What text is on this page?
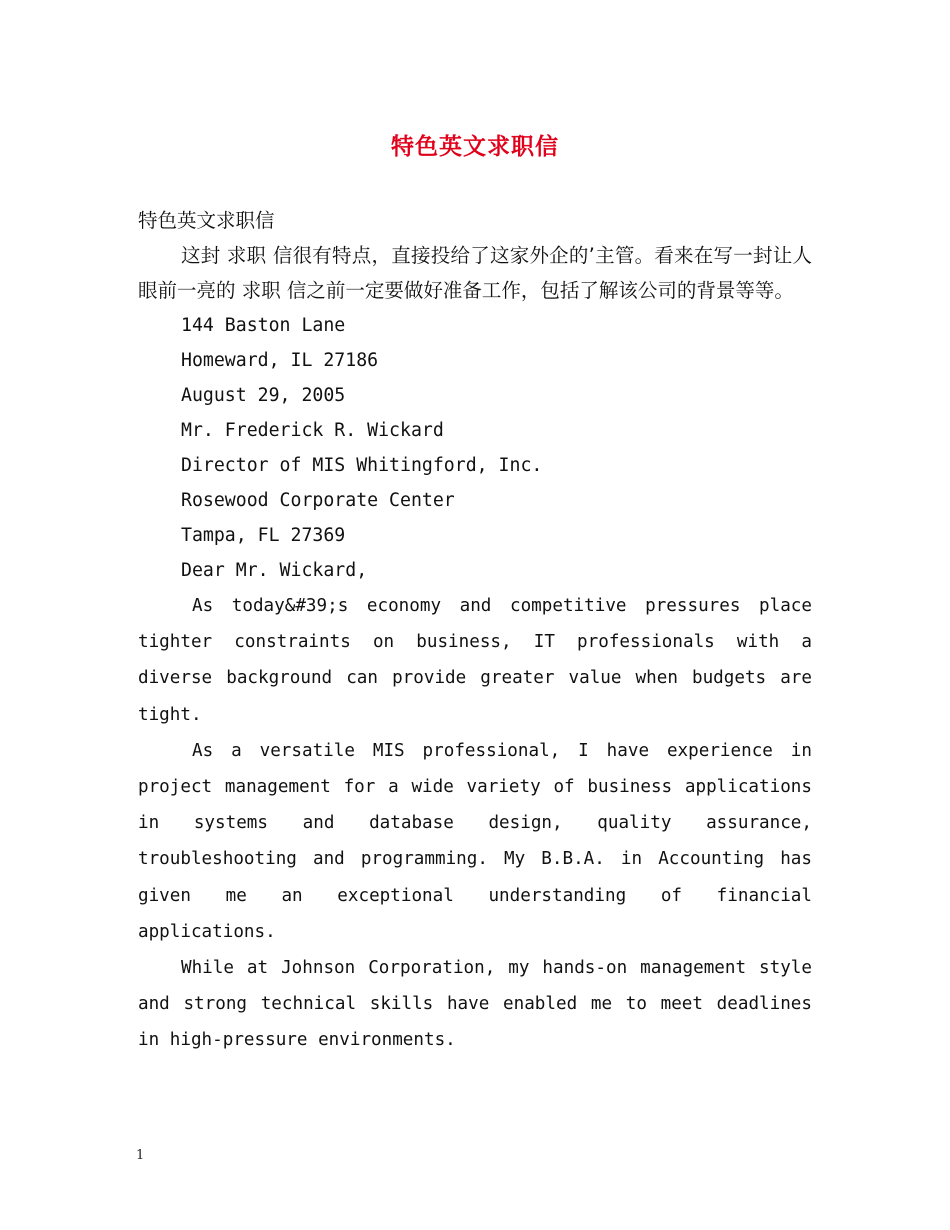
特色英文求职信

特色英文求职信

这封 求职 信很有特点，直接投给了这家外企的’主管。看来在写一封让人眼前一亮的 求职 信之前一定要做好准备工作，包括了解该公司的背景等等。

144 Baston Lane

Homeward, IL 27186

August 29, 2005

Mr. Frederick R. Wickard

Director of MIS Whitingford, Inc.

Rosewood Corporate Center

Tampa, FL 27369

Dear Mr. Wickard,

As today&#39;s economy and competitive pressures place tighter constraints on business, IT professionals with a diverse background can provide greater value when budgets are tight.

As a versatile MIS professional, I have experience in project management for a wide variety of business applications in systems and database design, quality assurance, troubleshooting and programming. My B.B.A. in Accounting has given me an exceptional understanding of financial applications.

While at Johnson Corporation, my hands-on management style and strong technical skills have enabled me to meet deadlines in high-pressure environments.

1
